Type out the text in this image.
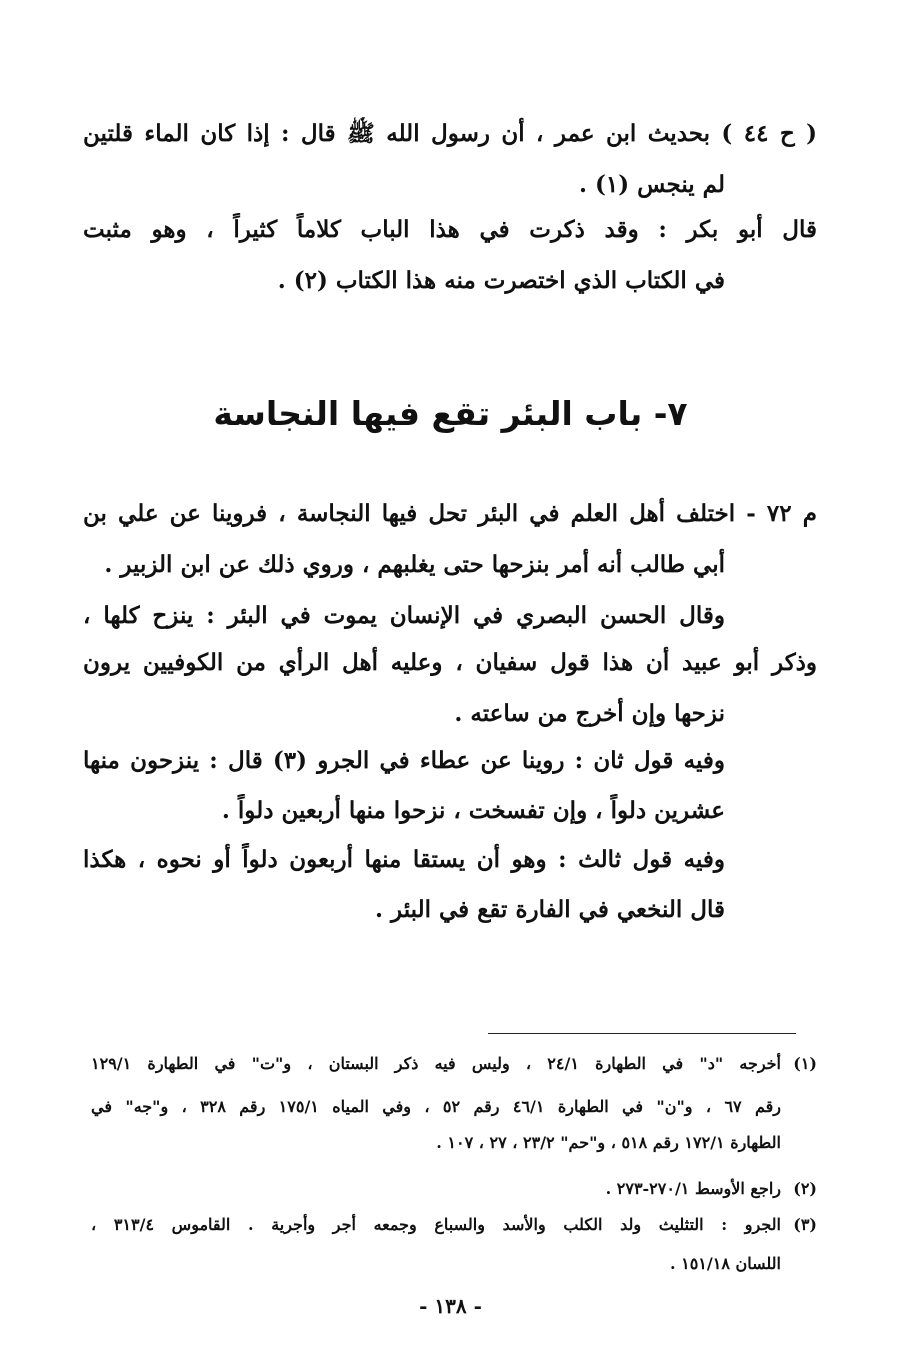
( ح ٤٤ ) بحديث ابن عمر ، أن رسول الله ﷺ قال : إذا كان الماء قلتين
لم ينجس (١) .
قال أبو بكر : وقد ذكرت في هذا الباب كلاماً كثيراً ، وهو مثبت
في الكتاب الذي اختصرت منه هذا الكتاب (٢) .
٧- باب البئر تقع فيها النجاسة
م ٧٢ - اختلف أهل العلم في البئر تحل فيها النجاسة ، فروينا عن علي بن
أبي طالب أنه أمر بنزحها حتى يغلبهم ، وروي ذلك عن ابن الزبير .
وقال الحسن البصري في الإنسان يموت في البئر : ينزح كلها ،
وذكر أبو عبيد أن هذا قول سفيان ، وعليه أهل الرأي من الكوفيين يرون
نزحها وإن أخرج من ساعته .
وفيه قول ثان : روينا عن عطاء في الجرو (٣) قال : ينزحون منها
عشرين دلواً ، وإن تفسخت ، نزحوا منها أربعين دلواً .
وفيه قول ثالث : وهو أن يستقا منها أربعون دلواً أو نحوه ، هكذا
قال النخعي في الفارة تقع في البئر .
(١)
أخرجه "د" في الطهارة ٢٤/١ ، وليس فيه ذكر البستان ، و"ت" في الطهارة ١٢٩/١
رقم ٦٧ ، و"ن" في الطهارة ٤٦/١ رقم ٥٢ ، وفي المياه ١٧٥/١ رقم ٣٢٨ ، و"جه" في
الطهارة ١٧٢/١ رقم ٥١٨ ، و"حم" ٢٣/٢ ، ٢٧ ، ١٠٧ .
(٢)
راجع الأوسط ٢٧٠/١-٢٧٣ .
(٣)
الجرو : التثليث ولد الكلب والأسد والسباع وجمعه أجر وأجرية . القاموس ٣١٣/٤ ،
اللسان ١٥١/١٨ .
- ١٣٨ -
